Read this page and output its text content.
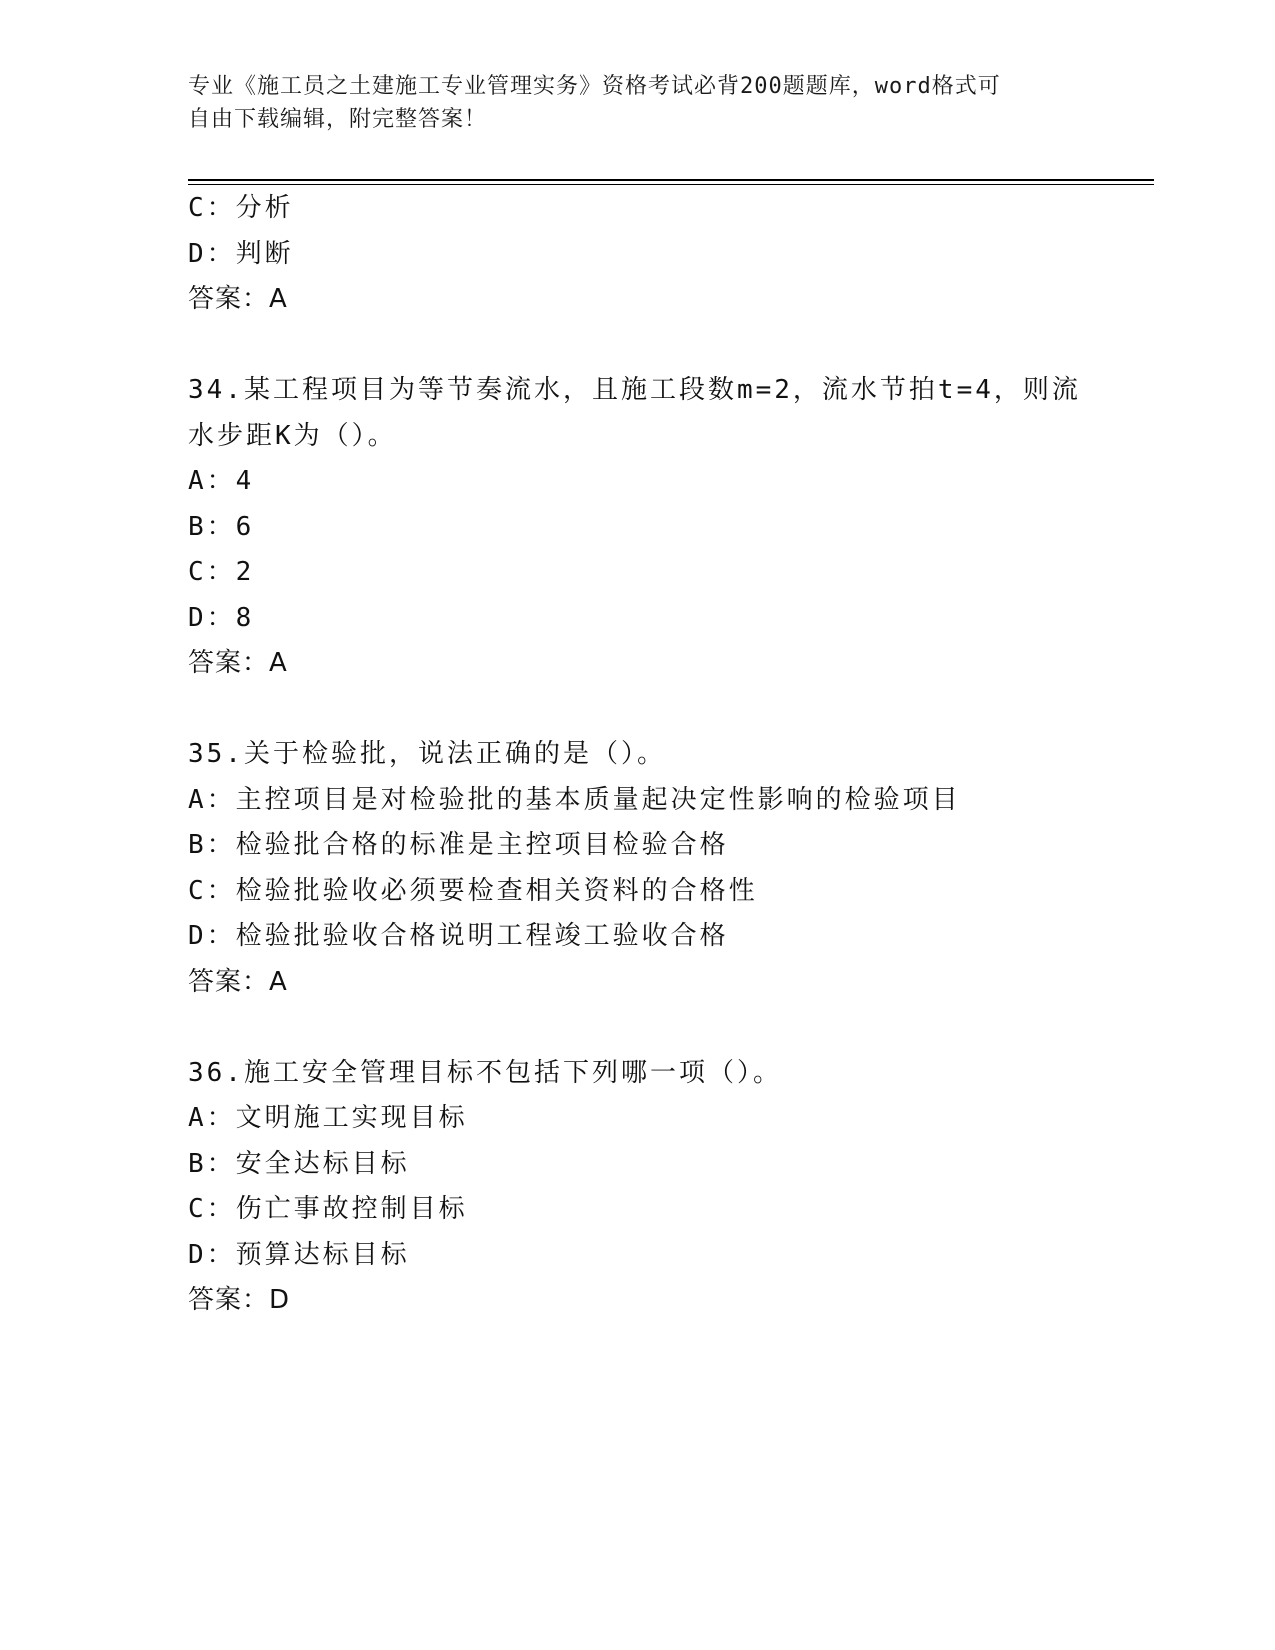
专业《施工员之土建施工专业管理实务》资格考试必背200题题库，word格式可
自由下载编辑，附完整答案！
C：分析
D：判断
答案：A
34.某工程项目为等节奏流水，且施工段数m=2，流水节拍t=4，则流
水步距K为（）。
A：4
B：6
C：2
D：8
答案：A
35.关于检验批，说法正确的是（）。
A：主控项目是对检验批的基本质量起决定性影响的检验项目
B：检验批合格的标准是主控项目检验合格
C：检验批验收必须要检查相关资料的合格性
D：检验批验收合格说明工程竣工验收合格
答案：A
36.施工安全管理目标不包括下列哪一项（）。
A：文明施工实现目标
B：安全达标目标
C：伤亡事故控制目标
D：预算达标目标
答案：D
